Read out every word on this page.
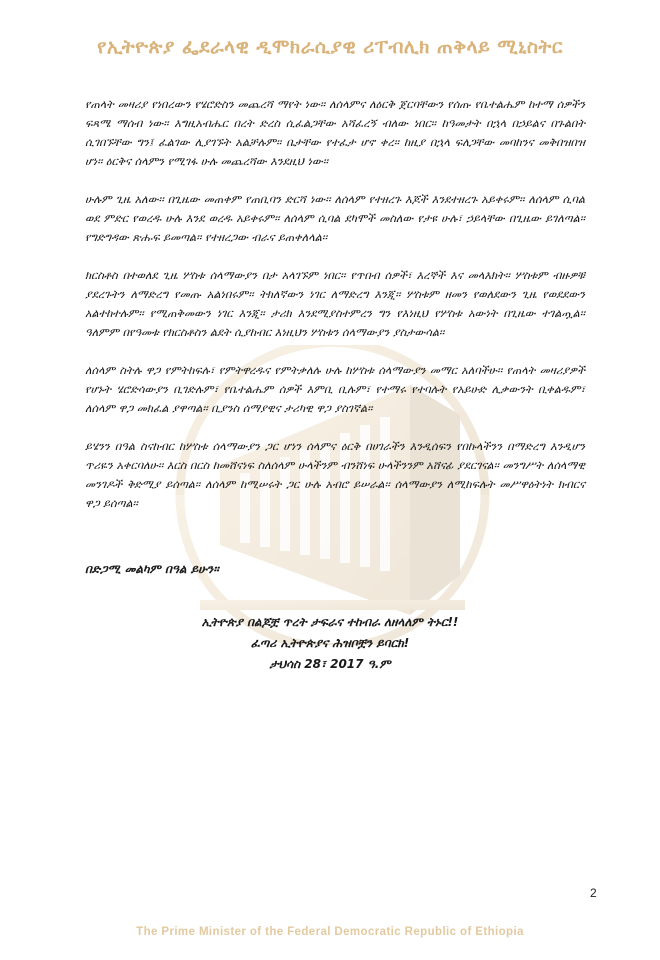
የኢትዮጵያ ፌደራላዊ ዲሞክራሲያዊ ሪፐብሊክ ጠቅላይ ሚኒስትር

የጠላት መዛሪያ የነበረውን የሄሮድስን መጨረሻ ማየት ነው፡፡ ለሰላምና ለዕርቅ ጀርባቸውን የሰጡ የቤተልሔም ከተማ ሰዎችን ፍጻሜ ማሰብ ነው፡፡ እግዚአብሔር በረት ድረስ ሲፈልጋቸው አሻፈረኝ ብለው ነበር፡፡ ከዓመታት በኋላ በኃይልና በጉልበት ሲገበኙቸው ግን፤ ፈልገው ሊያገኙት አልቻሉም፡፡ ቤታቸው የተፈታ ሆኖ ቀረ፡፡ ከዚያ በኋላ ፍለጋቸው መባከንና መቅበዝበዝ ሆነ፡፡ ዕርቅና ሰላምን የሚገፋ ሁሉ መጨረሻው እንደዚህ ነው፡፡

ሁሉም ጊዜ አለው፡፡ በጊዜው መጠቀም የጠቢባን ድርሻ ነው፡፡ ለሰላም የተዘረጉ እጆች እንደተዘረጉ አይቀሩም፡፡ ለሰላም ሲባል ወደ ምድር የወረዱ ሁሉ እንደ ወረዱ አይቀሩም፡፡ ለሰላም ሲባል ደካሞች መስለው የታዩ ሁሉ፣ ኃይላቸው በጊዜው ይገለጣል፡፡ የግድግዳው ጽሑፍ ይመጣል፡፡ የተዘረጋው ብራና ይጠቀለላል፡፡

ክርስቶስ በተወለደ ጊዜ ሦስቱ ሰላማውያን በታ አላገኙም ነበር፡፡ የጥበብ ሰዎች፣ እረኞች እና መላእክት፡፡ ሦስቱም ብዙዎቹ ያደረጉትን ለማድረግ የመጡ አልነበሩም፡፡ ትክለኛውን ነገር ለማድረግ እንጂ፡፡ ሦስቱም ዘመን የወለደውን ጊዜ የወደደውን አልተከተሉም፡፡ የሚጠቅመውን ነገር እንጂ፡፡ ታሪክ እንደሚያስተምረን ግን የእነዚህ የሦስቱ አውነት በጊዜው ተገልጧል፡፡ ዓለምም በየዓመቱ የክርስቶስን ልደት ሲያከብር እነዚህን ሦስቱን ሰላማውያን ያስታውሳል፡፡

ለሰላም ስትሉ ዋጋ የምትከፍሉ፣ የምትዋረዱና የምትቃለሉ ሁሉ ከሦስቱ ሰላማውያን መማር አለባችሁ፡፡ የጠላት መዛሪያዎች የሆኑት ሄሮድሳውያን ቢገድሉም፣ የቤተልሔም ሰዎች እምቢ ቢሉም፣ የተማሩ የተባሉት የአይሁድ ሊቃውንት ቢቀልዱም፣ ለሰላም ዋጋ መክፈል ያዋጣል፡፡ ቢያንስ ሰማያዊና ታሪካዊ ዋጋ ያስገኛል፡፡

ይሄንን በዓል ስናከብር ከሦስቱ ሰላማውያን ጋር ሆነን ሰላምና ዕርቅ በሀገራችን እንዲሰፍን የበኩላችንን በማድረግ እንዲሆን ጥሪዬን አቀርባለሁ፡፡ እርስ በርስ ከመሸናነፍ ስለሰላም ሁላችንም ብንሸነፍ ሁላችንንም አሸናፊ ያደርገናል፡፡ መንግሥት ለሰላማዊ መንገዶች ቅድሚያ ይሰጣል፡፡ ለሰላም ከሚሠሩት ጋር ሁሉ አብሮ ይሠራል፡፡ ሰላማውያን ለሚከፍሉት መሥዋዕትነት ክብርና ዋጋ ይሰጣል፡፡

በድጋሚ መልካም በዓል ይሁን፡፡
ኢትዮጵያ በልጆቿ ጥረት ታፍራና ተከብራ ለዘላለም ትኑር!!
ፈጣሪ ኢትዮጵያና ሕዝቦቿን ይባርክ!
ታህሳስ 28፣ 2017 ዓ.ም
2
The Prime Minister of the Federal Democratic Republic of Ethiopia
